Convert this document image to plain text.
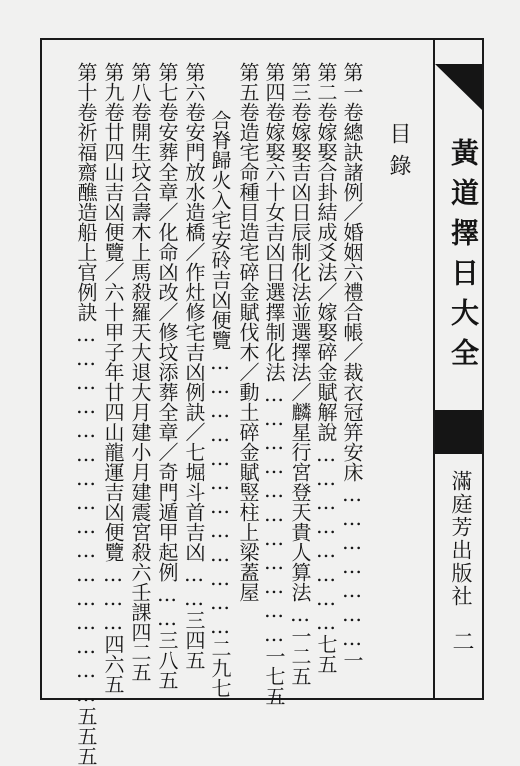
黃道擇日大全
滿庭芳出版社
二
目錄
第一卷總訣諸例／婚姻六禮合帳／裁衣冠笄安床…………………一
第二卷嫁娶合卦結成爻法／嫁娶碎金賦解說……………………七五
第三卷嫁娶吉凶日辰制化法並選擇法／麟星行宮登天貴人算法…一二五
第四卷嫁娶六十女吉凶日選擇制化法……………………………一七五
第五卷造宅命種目造宅碎金賦伐木／動土碎金賦竪柱上梁蓋屋
合脊歸火入宅安砱吉凶便覽………………………………二九七
第六卷安門放水造橋／作灶修宅吉凶例訣／七堀斗首吉凶……三四五
第七卷安葬全章／化命凶改／修坟添葬全章／奇門遁甲起例……三八五
第八卷開生坟合壽木上馬殺羅天大退大月建小月建震宮殺六壬課四二五
第九卷廿四山吉凶便覽／六十甲子年廿四山龍運吉凶便覽………四六五
第十卷祈福齋醮造船上官例訣…………………………………………五五五
